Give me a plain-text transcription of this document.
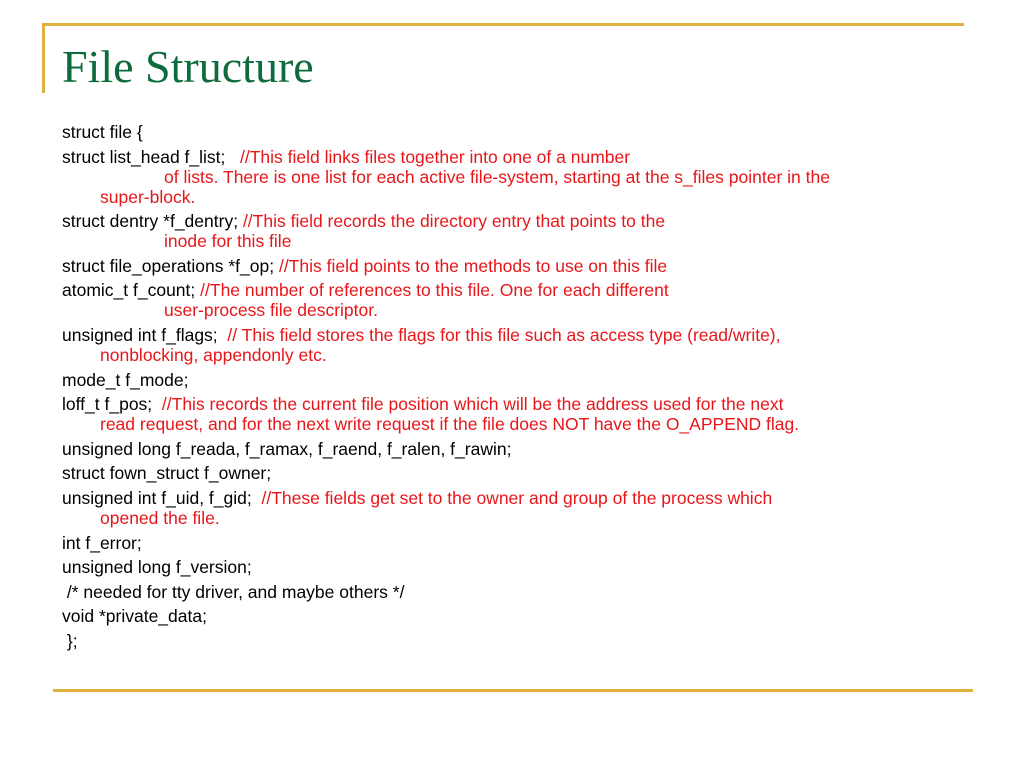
File Structure
struct file {
struct list_head f_list; //This field links files together into one of a number
of lists. There is one list for each active file-system, starting at the s_files pointer in the
super-block.
struct dentry *f_dentry; //This field records the directory entry that points to the
inode for this file
struct file_operations *f_op; //This field points to the methods to use on this file
atomic_t f_count; //The number of references to this file. One for each different
user-process file descriptor.
unsigned int f_flags; // This field stores the flags for this file such as access type (read/write),
nonblocking, appendonly etc.
mode_t f_mode;
loff_t f_pos; //This records the current file position which will be the address used for the next
read request, and for the next write request if the file does NOT have the O_APPEND flag.
unsigned long f_reada, f_ramax, f_raend, f_ralen, f_rawin;
struct fown_struct f_owner;
unsigned int f_uid, f_gid; //These fields get set to the owner and group of the process which
opened the file.
int f_error;
unsigned long f_version;
/* needed for tty driver, and maybe others */
void *private_data;
};
